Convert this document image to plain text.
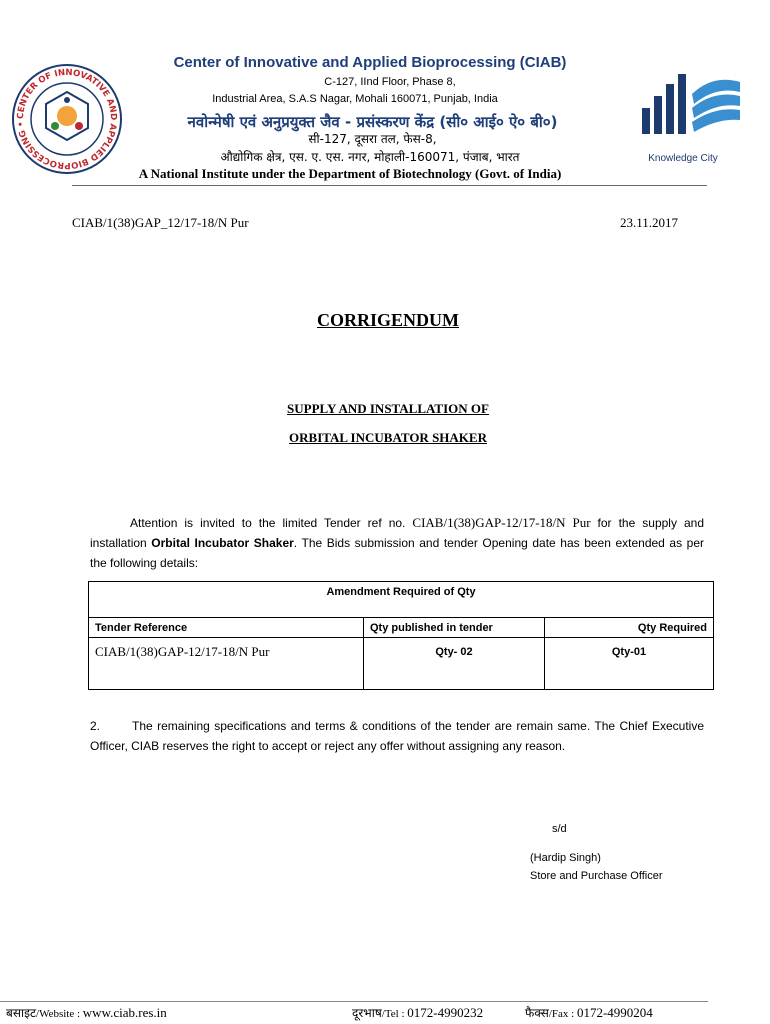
CENTER OF INNOVATIVE AND APPLIED BIOPROCESSING •
Knowledge City
Center of Innovative and Applied Bioprocessing (CIAB)
C-127, IInd Floor, Phase 8,
Industrial Area, S.A.S Nagar, Mohali 160071, Punjab, India
नवोन्मेषी एवं अनुप्रयुक्त जैव - प्रसंस्करण केंद्र (सी० आई० ऐ० बी०)
सी-127, दूसरा तल, फेस-8,
औद्योगिक क्षेत्र, एस. ए. एस. नगर, मोहाली-160071, पंजाब, भारत
A National Institute under the Department of Biotechnology (Govt. of India)
CIAB/1(38)GAP_12/17-18/N Pur	23.11.2017
CORRIGENDUM
SUPPLY AND INSTALLATION OF
ORBITAL INCUBATOR SHAKER
Attention is invited to the limited Tender ref no. CIAB/1(38)GAP-12/17-18/N Pur for the supply and installation Orbital Incubator Shaker. The Bids submission and tender Opening date has been extended as per the following details:
Amendment Required of Qty		
Tender Reference	Qty published in tender	Qty Required
CIAB/1(38)GAP-12/17-18/N Pur	Qty- 02	Qty-01
2.	The remaining specifications and terms & conditions of the tender are remain same. The Chief Executive Officer, CIAB reserves the right to accept or reject any offer without assigning any reason.
s/d
(Hardip Singh)
Store and Purchase Officer
बसाइट/Website : www.ciab.res.in	दूरभाष/Tel : 0172-4990232	फैक्स/Fax : 0172-4990204
